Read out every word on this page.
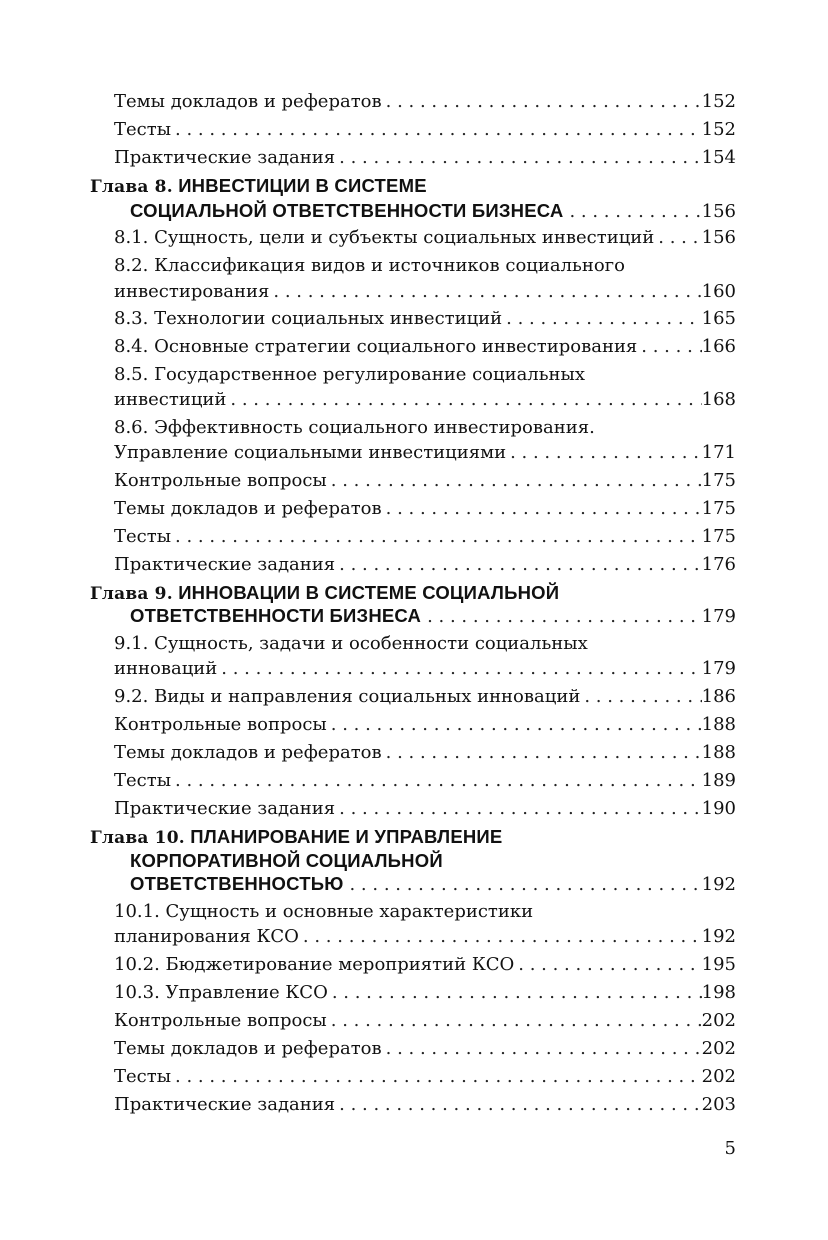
Темы докладов и рефератов . . .	152
Тесты . . .	152
Практические задания . . .	154
Глава 8. ИНВЕСТИЦИИ В СИСТЕМЕ
СОЦИАЛЬНОЙ ОТВЕТСТВЕННОСТИ БИЗНЕСА . . .	156
8.1. Сущность, цели и субъекты социальных инвестиций . . .	156
8.2. Классификация видов и источников социального
инвестирования . . .	160
8.3. Технологии социальных инвестиций . . .	165
8.4. Основные стратегии социального инвестирования . . .	166
8.5. Государственное регулирование социальных
инвестиций . . .	168
8.6. Эффективность социального инвестирования.
Управление социальными инвестициями . . .	171
Контрольные вопросы . . .	175
Темы докладов и рефератов . . .	175
Тесты . . .	175
Практические задания . . .	176
Глава 9. ИННОВАЦИИ В СИСТЕМЕ СОЦИАЛЬНОЙ
ОТВЕТСТВЕННОСТИ БИЗНЕСА . . .	179
9.1. Сущность, задачи и особенности социальных
инноваций . . .	179
9.2. Виды и направления социальных инноваций . . .	186
Контрольные вопросы . . .	188
Темы докладов и рефератов . . .	188
Тесты . . .	189
Практические задания . . .	190
Глава 10. ПЛАНИРОВАНИЕ И УПРАВЛЕНИЕ
КОРПОРАТИВНОЙ СОЦИАЛЬНОЙ
ОТВЕТСТВЕННОСТЬЮ . . .	192
10.1. Сущность и основные характеристики
планирования КСО . . .	192
10.2. Бюджетирование мероприятий КСО . . .	195
10.3. Управление КСО . . .	198
Контрольные вопросы . . .	202
Темы докладов и рефератов . . .	202
Тесты . . .	202
Практические задания . . .	203
5
